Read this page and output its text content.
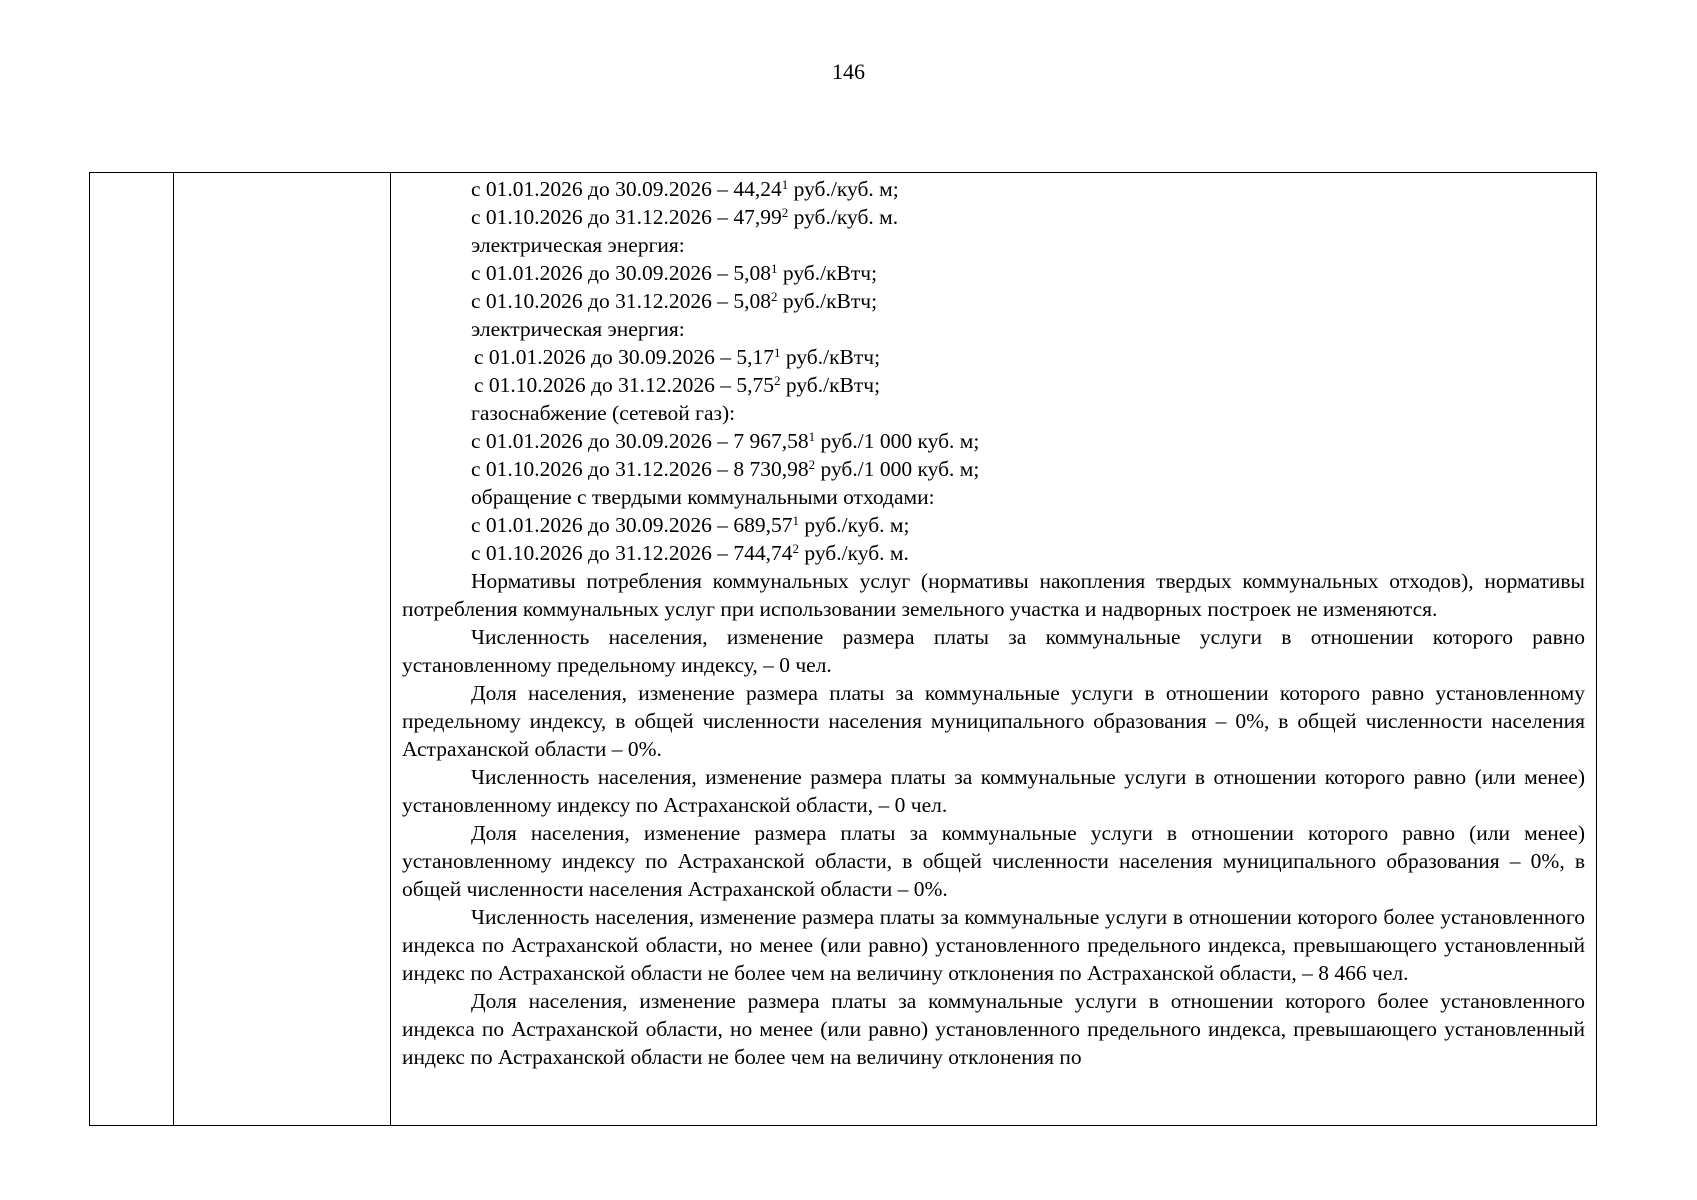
146

с 01.01.2026 до 30.09.2026 – 44,24$^1$ руб./куб. м;

с 01.10.2026 до 31.12.2026 – 47,99$^2$ руб./куб. м.

электрическая энергия:

с 01.01.2026 до 30.09.2026 – 5,08$^1$ руб./кВтч;

с 01.10.2026 до 31.12.2026 – 5,08$^2$ руб./кВтч;

электрическая энергия:

с 01.01.2026 до 30.09.2026 – 5,17$^1$ руб./кВтч;

с 01.10.2026 до 31.12.2026 – 5,75$^2$ руб./кВтч;

газоснабжение (сетевой газ):

с 01.01.2026 до 30.09.2026 – 7 967,58$^1$ руб./1 000 куб. м;

с 01.10.2026 до 31.12.2026 – 8 730,98$^2$ руб./1 000 куб. м;

обращение с твердыми коммунальными отходами:

с 01.01.2026 до 30.09.2026 – 689,57$^1$ руб./куб. м;

с 01.10.2026 до 31.12.2026 – 744,74$^2$ руб./куб. м.

Нормативы потребления коммунальных услуг (нормативы накопления твердых коммунальных отходов), нормативы потребления коммунальных услуг при использовании земельного участка и надворных построек не изменяются.

Численность населения, изменение размера платы за коммунальные услуги в отношении которого равно установленному предельному индексу, – 0 чел.

Доля населения, изменение размера платы за коммунальные услуги в отношении которого равно установленному предельному индексу, в общей численности населения муниципального образования – 0%, в общей численности населения Астраханской области – 0%.

Численность населения, изменение размера платы за коммунальные услуги в отношении которого равно (или менее) установленному индексу по Астраханской области, – 0 чел.

Доля населения, изменение размера платы за коммунальные услуги в отношении которого равно (или менее) установленному индексу по Астраханской области, в общей численности населения муниципального образования – 0%, в общей численности населения Астраханской области – 0%.

Численность населения, изменение размера платы за коммунальные услуги в отношении которого более установленного индекса по Астраханской области, но менее (или равно) установленного предельного индекса, превышающего установленный индекс по Астраханской области не более чем на величину отклонения по Астраханской области, – 8 466 чел.

Доля населения, изменение размера платы за коммунальные услуги в отношении которого более установленного индекса по Астраханской области, но менее (или равно) установленного предельного индекса, превышающего установленный индекс по Астраханской области не более чем на величину отклонения по
